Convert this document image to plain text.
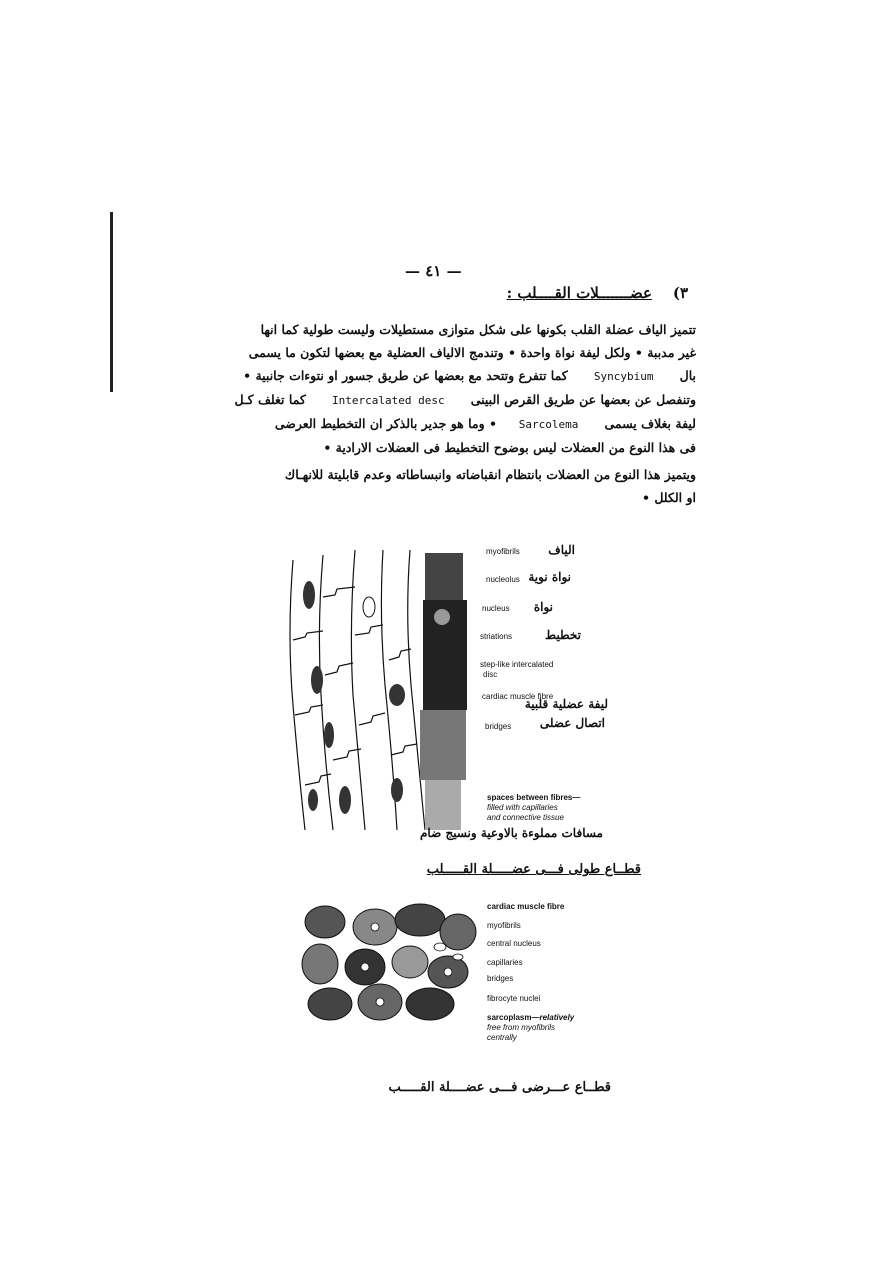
— ٤١ —
٣)    عضـــــــلات القــــلب :

تتميز الياف عضلة القلب بكونها على شكل متوازى مستطيلات وليست طولية كما انها

غير مدببة • ولكل ليفة نواة واحدة • وتندمج الالياف العضلية مع بعضها لتكون ما يسمى

بال      Syncybium      كما تتفرع وتتحد مع بعضها عن طريق جسور او نتوءات جانبية •

وتنفصل عن بعضها عن طريق القرص البينى      Intercalated desc      كما تغلف كـل

ليفة بغلاف يسمى      Sarcolema     • وما هو جدير بالذكر ان التخطيط العرضى

فى هذا النوع من العضلات ليس بوضوح التخطيط فى العضلات الارادية •

ويتميز هذا النوع من العضلات بانتظام انقباضاته وانبساطاته وعدم قابليتة للانهـاك

او الكلل •

myofibrils
nucleolus
nucleus
striations
step-like intercalated
disc
cardiac muscle fibre
bridges
spaces between fibres—
filled with capillaries
and connective tissue
الياف
نواة نوية
نواة
تخطيط
ليفة عضلية قلبية
اتصال عضلى
مسافات مملوءة بالاوعية ونسيج ضام
قطــاع طولى فـــى عضـــــلة القـــــلب
cardiac muscle fibre
myofibrils
central nucleus
capillaries
bridges
fibrocyte nuclei
sarcoplasm—relatively
free from myofibrils
centrally
قطــاع عـــرضى فـــى عضــــلة القـــــب
